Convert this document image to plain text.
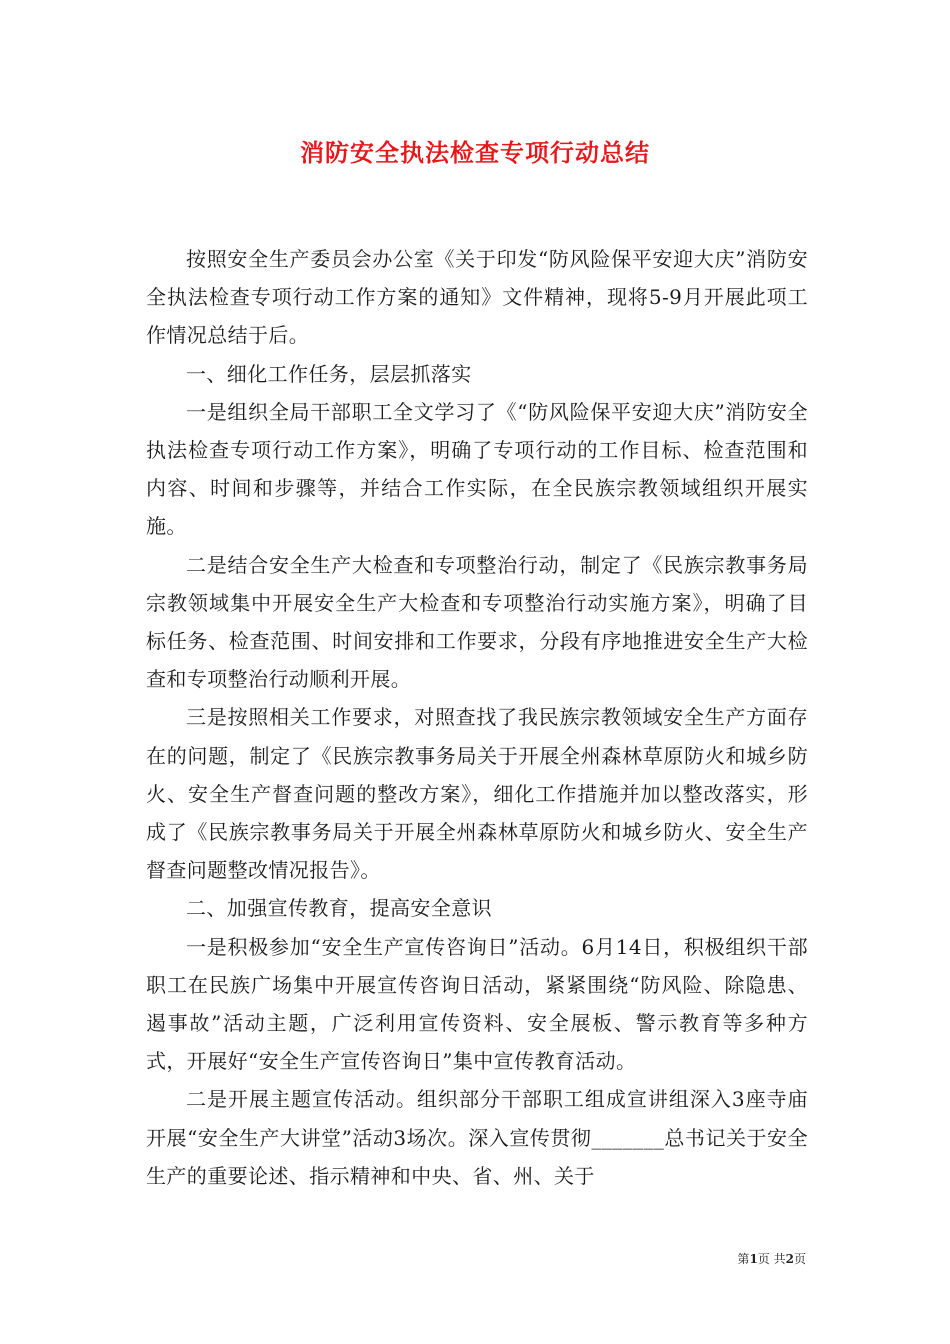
消防安全执法检查专项行动总结

按照安全生产委员会办公室《关于印发“防风险保平安迎大庆”消防安全执法检查专项行动工作方案的通知》文件精神，现将5-9月开展此项工作情况总结于后。

一、细化工作任务，层层抓落实

一是组织全局干部职工全文学习了《“防风险保平安迎大庆”消防安全执法检查专项行动工作方案》，明确了专项行动的工作目标、检查范围和内容、时间和步骤等，并结合工作实际，在全民族宗教领域组织开展实施。

二是结合安全生产大检查和专项整治行动，制定了《民族宗教事务局宗教领域集中开展安全生产大检查和专项整治行动实施方案》，明确了目标任务、检查范围、时间安排和工作要求，分段有序地推进安全生产大检查和专项整治行动顺利开展。

三是按照相关工作要求，对照查找了我民族宗教领域安全生产方面存在的问题，制定了《民族宗教事务局关于开展全州森林草原防火和城乡防火、安全生产督查问题的整改方案》，细化工作措施并加以整改落实，形成了《民族宗教事务局关于开展全州森林草原防火和城乡防火、安全生产督查问题整改情况报告》。

二、加强宣传教育，提高安全意识

一是积极参加“安全生产宣传咨询日”活动。6月14日，积极组织干部职工在民族广场集中开展宣传咨询日活动，紧紧围绕“防风险、除隐患、遏事故”活动主题，广泛利用宣传资料、安全展板、警示教育等多种方式，开展好“安全生产宣传咨询日”集中宣传教育活动。

二是开展主题宣传活动。组织部分干部职工组成宣讲组深入3座寺庙开展“安全生产大讲堂”活动3场次。深入宣传贯彻_______总书记关于安全生产的重要论述、指示精神和中央、省、州、关于

第1页 共2页
